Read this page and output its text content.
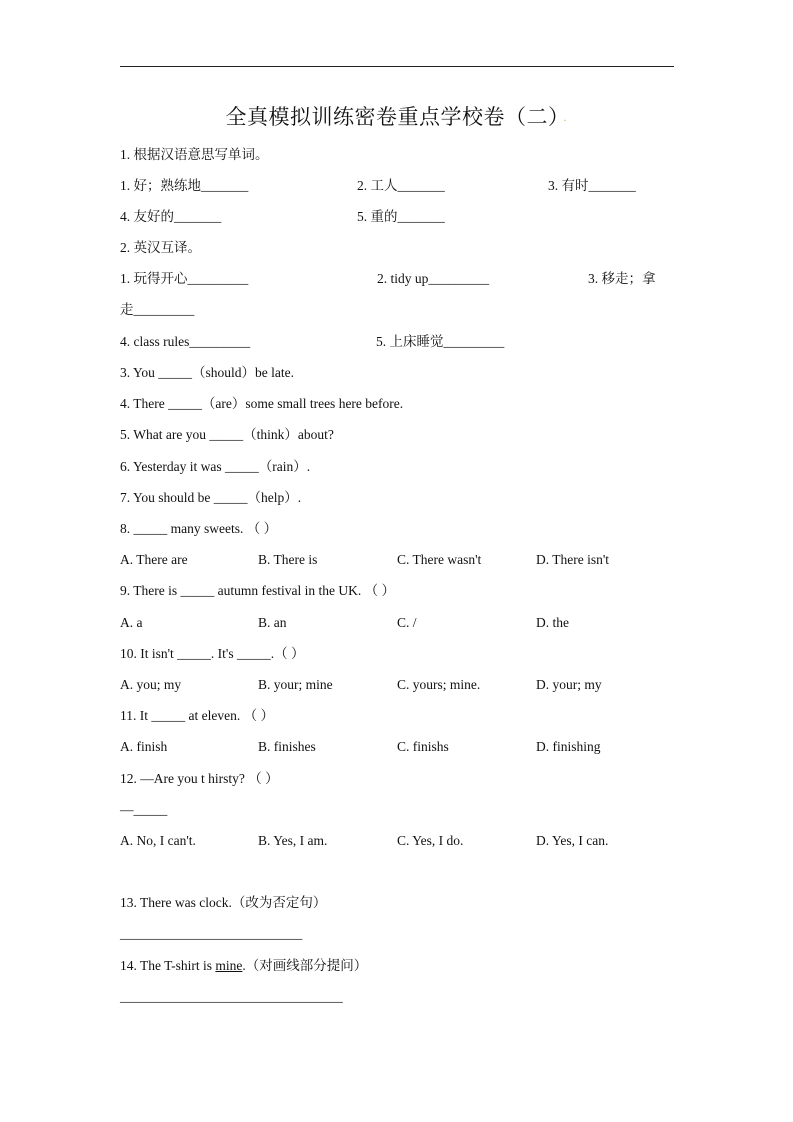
全真模拟训练密卷重点学校卷（二） ·
1. 根据汉语意思写单词。
1. 好；熟练地_______	2. 工人_______	3. 有时_______
4. 友好的_______	5. 重的_______
2. 英汉互译。
1. 玩得开心_________	2. tidy up_________	3. 移走；拿
走_________
4. class rules_________	5. 上床睡觉_________
3. You _____（should）be late.
4. There _____（are）some small trees here before.
5. What are you _____（think）about?
6. Yesterday it was _____（rain）.
7. You should be _____（help）.
8. _____ many sweets. （ ）
A. There are	B. There is	C. There wasn't	D. There isn't
9. There is _____ autumn festival in the UK. （ ）
A. a	B. an	C. /	D. the
10. It isn't _____. It's _____.（ ）
A. you; my	B. your; mine	C. yours; mine.	D. your; my
11. It _____ at eleven. （ ）
A. finish	B. finishes	C. finishs	D. finishing
12. —Are you t hirsty? （ ）
—_____
A. No, I can't.	B. Yes, I am.	C. Yes, I do.	D. Yes, I can.
13. There was clock.（改为否定句）
___________________________
14. The T-shirt is mine.（对画线部分提问）
_________________________________
